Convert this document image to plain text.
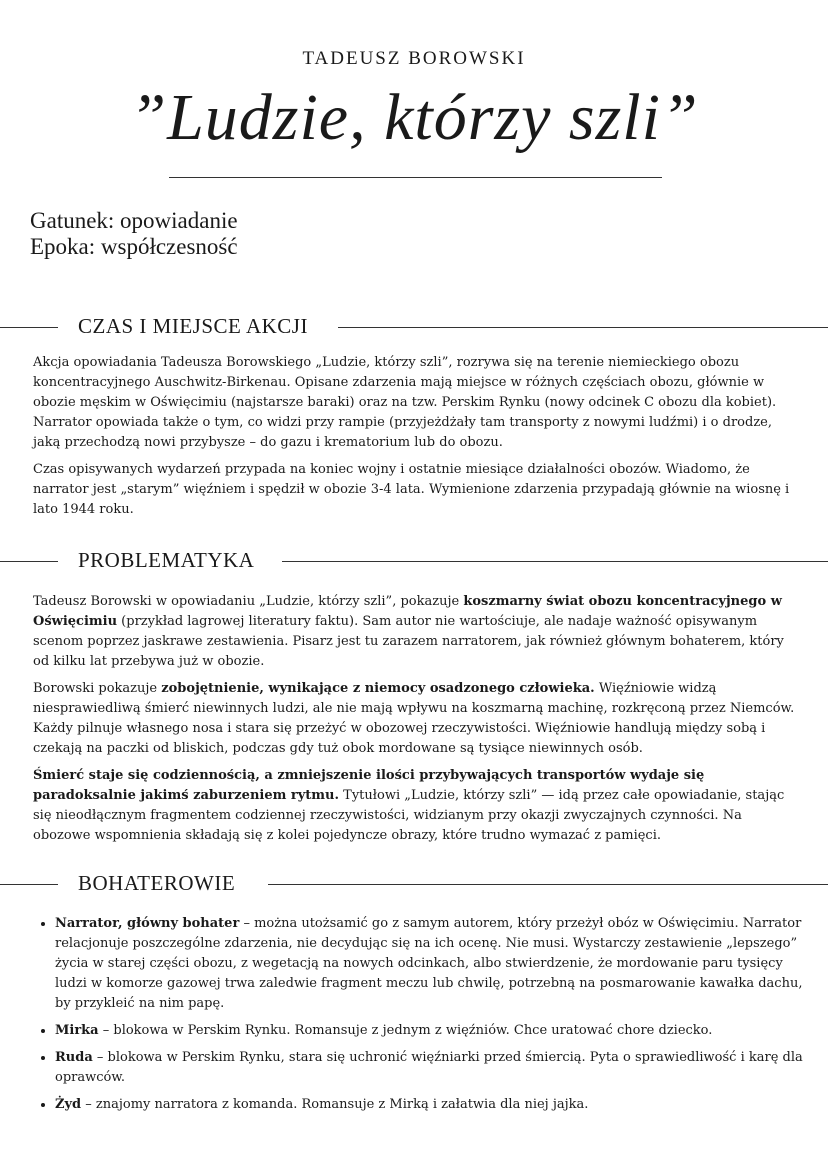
TADEUSZ BOROWSKI
”Ludzie, którzy szli”
Gatunek: opowiadanie
Epoka: współczesność
CZAS I MIEJSCE AKCJI

Akcja opowiadania Tadeusza Borowskiego „Ludzie, którzy szli”, rozrywa się na terenie niemieckiego obozu koncentracyjnego Auschwitz-Birkenau. Opisane zdarzenia mają miejsce w różnych częściach obozu, głównie w obozie męskim w Oświęcimiu (najstarsze baraki) oraz na tzw. Perskim Rynku (nowy odcinek C obozu dla kobiet). Narrator opowiada także o tym, co widzi przy rampie (przyjeżdżały tam transporty z nowymi ludźmi) i o drodze, jaką przechodzą nowi przybysze – do gazu i krematorium lub do obozu.

Czas opisywanych wydarzeń przypada na koniec wojny i ostatnie miesiące działalności obozów. Wiadomo, że narrator jest „starym” więźniem i spędził w obozie 3-4 lata. Wymienione zdarzenia przypadają głównie na wiosnę i lato 1944 roku.

PROBLEMATYKA

Tadeusz Borowski w opowiadaniu „Ludzie, którzy szli”, pokazuje koszmarny świat obozu koncentracyjnego w Oświęcimiu (przykład lagrowej literatury faktu). Sam autor nie wartościuje, ale nadaje ważność opisywanym scenom poprzez jaskrawe zestawienia. Pisarz jest tu zarazem narratorem, jak również głównym bohaterem, który od kilku lat przebywa już w obozie.

Borowski pokazuje zobojętnienie, wynikające z niemocy osadzonego człowieka. Więźniowie widzą niesprawiedliwą śmierć niewinnych ludzi, ale nie mają wpływu na koszmarną machinę, rozkręconą przez Niemców. Każdy pilnuje własnego nosa i stara się przeżyć w obozowej rzeczywistości. Więźniowie handlują między sobą i czekają na paczki od bliskich, podczas gdy tuż obok mordowane są tysiące niewinnych osób.

Śmierć staje się codziennością, a zmniejszenie ilości przybywających transportów wydaje się paradoksalnie jakimś zaburzeniem rytmu. Tytułowi „Ludzie, którzy szli” — idą przez całe opowiadanie, stając się nieodłącznym fragmentem codziennej rzeczywistości, widzianym przy okazji zwyczajnych czynności. Na obozowe wspomnienia składają się z kolei pojedyncze obrazy, które trudno wymazać z pamięci.

BOHATEROWIE
• Narrator, główny bohater – można utożsamić go z samym autorem, który przeżył obóz w Oświęcimiu. Narrator relacjonuje poszczególne zdarzenia, nie decydując się na ich ocenę. Nie musi. Wystarczy zestawienie „lepszego” życia w starej części obozu, z wegetacją na nowych odcinkach, albo stwierdzenie, że mordowanie paru tysięcy ludzi w komorze gazowej trwa zaledwie fragment meczu lub chwilę, potrzebną na posmarowanie kawałka dachu, by przykleić na nim papę.
• Mirka – blokowa w Perskim Rynku. Romansuje z jednym z więźniów. Chce uratować chore dziecko.
• Ruda – blokowa w Perskim Rynku, stara się uchronić więźniarki przed śmiercią. Pyta o sprawiedliwość i karę dla oprawców.
• Żyd – znajomy narratora z komanda. Romansuje z Mirką i załatwia dla niej jajka.
